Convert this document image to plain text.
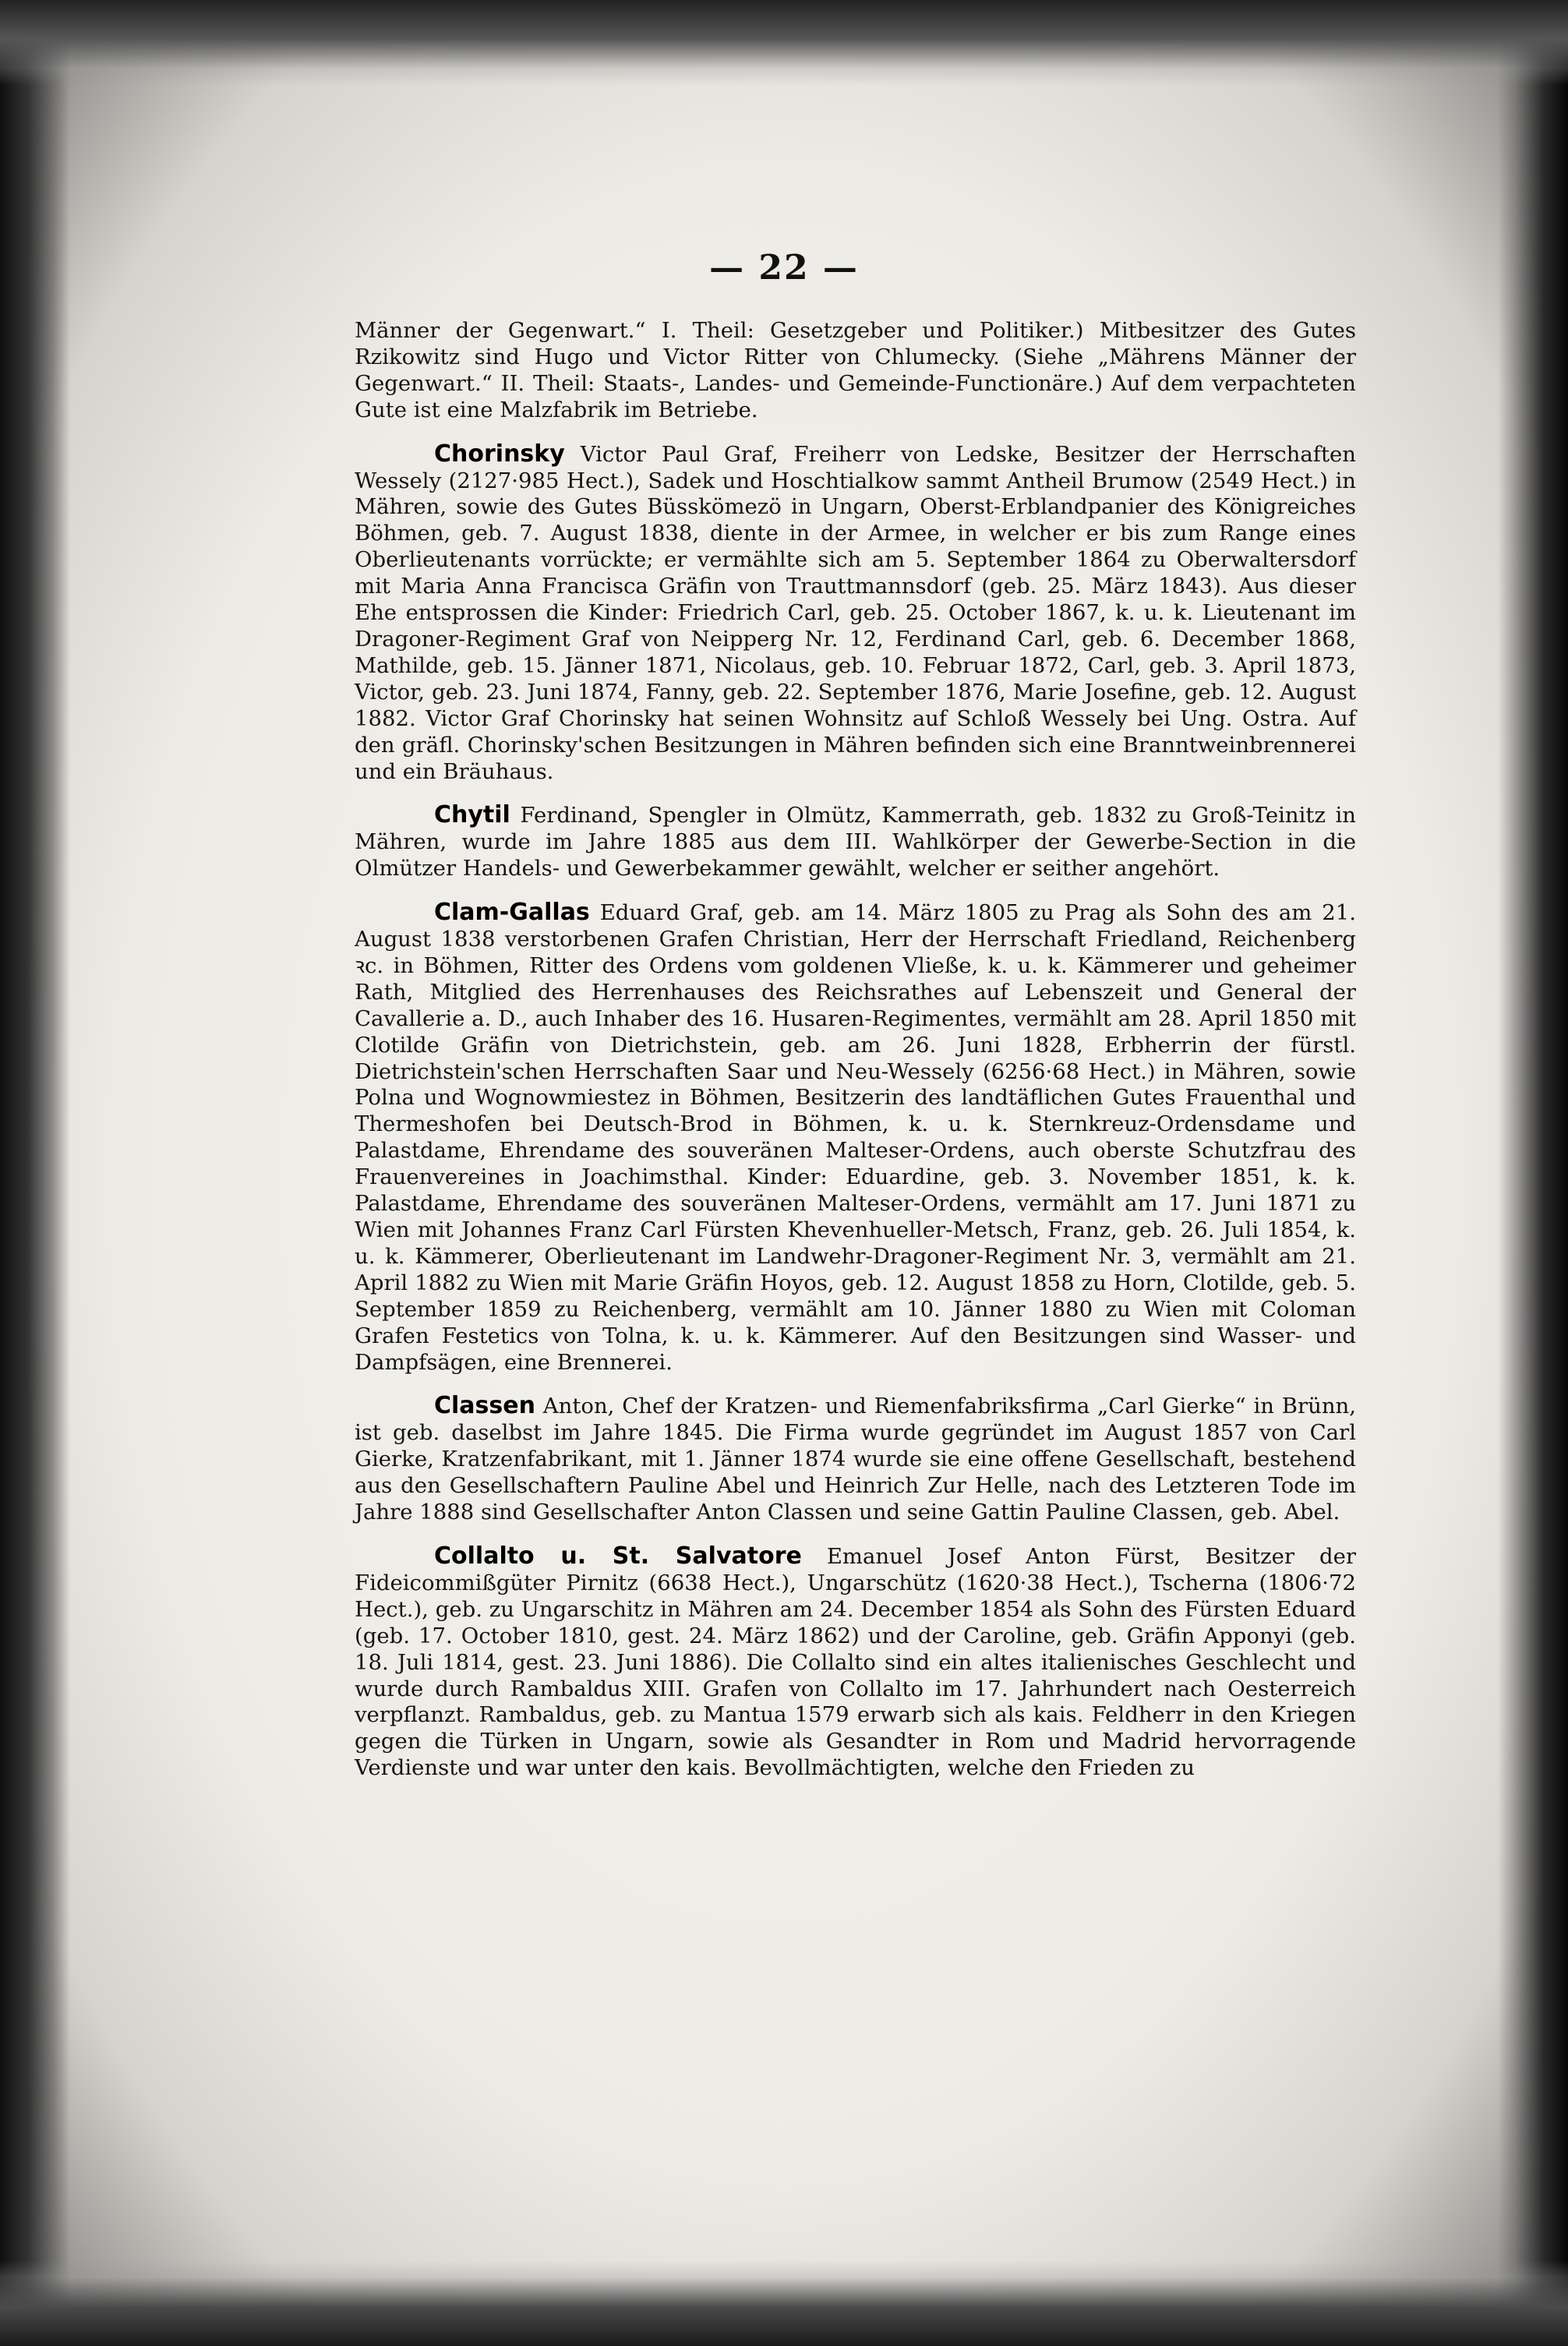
— 22 —

Männer der Gegenwart.“ I. Theil: Gesetzgeber und Politiker.) Mitbesitzer des Gutes Rzikowitz sind Hugo und Victor Ritter von Chlumecky. (Siehe „Mährens Männer der Gegenwart.“ II. Theil: Staats-, Landes- und Gemeinde-Functionäre.) Auf dem verpachteten Gute ist eine Malzfabrik im Betriebe.

Chorinsky Victor Paul Graf, Freiherr von Ledske, Besitzer der Herrschaften Wessely (2127·985 Hect.), Sadek und Hoschtialkow sammt Antheil Brumow (2549 Hect.) in Mähren, sowie des Gutes Büsskömezö in Ungarn, Oberst-Erblandpanier des Königreiches Böhmen, geb. 7. August 1838, diente in der Armee, in welcher er bis zum Range eines Oberlieutenants vorrückte; er vermählte sich am 5. September 1864 zu Oberwaltersdorf mit Maria Anna Francisca Gräfin von Trauttmannsdorf (geb. 25. März 1843). Aus dieser Ehe entsprossen die Kinder: Friedrich Carl, geb. 25. October 1867, k. u. k. Lieutenant im Dragoner-Regiment Graf von Neipperg Nr. 12, Ferdinand Carl, geb. 6. December 1868, Mathilde, geb. 15. Jänner 1871, Nicolaus, geb. 10. Februar 1872, Carl, geb. 3. April 1873, Victor, geb. 23. Juni 1874, Fanny, geb. 22. September 1876, Marie Josefine, geb. 12. August 1882. Victor Graf Chorinsky hat seinen Wohnsitz auf Schloß Wessely bei Ung. Ostra. Auf den gräfl. Chorinsky'schen Besitzungen in Mähren befinden sich eine Branntweinbrennerei und ein Bräuhaus.

Chytil Ferdinand, Spengler in Olmütz, Kammerrath, geb. 1832 zu Groß-Teinitz in Mähren, wurde im Jahre 1885 aus dem III. Wahlkörper der Gewerbe-Section in die Olmützer Handels- und Gewerbekammer gewählt, welcher er seither angehört.

Clam-Gallas Eduard Graf, geb. am 14. März 1805 zu Prag als Sohn des am 21. August 1838 verstorbenen Grafen Christian, Herr der Herrschaft Friedland, Reichenberg ꝛc. in Böhmen, Ritter des Ordens vom goldenen Vließe, k. u. k. Kämmerer und geheimer Rath, Mitglied des Herrenhauses des Reichsrathes auf Lebenszeit und General der Cavallerie a. D., auch Inhaber des 16. Husaren-Regimentes, vermählt am 28. April 1850 mit Clotilde Gräfin von Dietrichstein, geb. am 26. Juni 1828, Erbherrin der fürstl. Dietrichstein'schen Herrschaften Saar und Neu-Wessely (6256·68 Hect.) in Mähren, sowie Polna und Wognowmiestez in Böhmen, Besitzerin des landtäflichen Gutes Frauenthal und Thermeshofen bei Deutsch-Brod in Böhmen, k. u. k. Sternkreuz-Ordensdame und Palastdame, Ehrendame des souveränen Malteser-Ordens, auch oberste Schutzfrau des Frauenvereines in Joachimsthal. Kinder: Eduardine, geb. 3. November 1851, k. k. Palastdame, Ehrendame des souveränen Malteser-Ordens, vermählt am 17. Juni 1871 zu Wien mit Johannes Franz Carl Fürsten Khevenhueller-Metsch, Franz, geb. 26. Juli 1854, k. u. k. Kämmerer, Oberlieutenant im Landwehr-Dragoner-Regiment Nr. 3, vermählt am 21. April 1882 zu Wien mit Marie Gräfin Hoyos, geb. 12. August 1858 zu Horn, Clotilde, geb. 5. September 1859 zu Reichenberg, vermählt am 10. Jänner 1880 zu Wien mit Coloman Grafen Festetics von Tolna, k. u. k. Kämmerer. Auf den Besitzungen sind Wasser- und Dampfsägen, eine Brennerei.

Classen Anton, Chef der Kratzen- und Riemenfabriksfirma „Carl Gierke“ in Brünn, ist geb. daselbst im Jahre 1845. Die Firma wurde gegründet im August 1857 von Carl Gierke, Kratzenfabrikant, mit 1. Jänner 1874 wurde sie eine offene Gesellschaft, bestehend aus den Gesellschaftern Pauline Abel und Heinrich Zur Helle, nach des Letzteren Tode im Jahre 1888 sind Gesellschafter Anton Classen und seine Gattin Pauline Classen, geb. Abel.

Collalto u. St. Salvatore Emanuel Josef Anton Fürst, Besitzer der Fideicommißgüter Pirnitz (6638 Hect.), Ungarschütz (1620·38 Hect.), Tscherna (1806·72 Hect.), geb. zu Ungarschitz in Mähren am 24. December 1854 als Sohn des Fürsten Eduard (geb. 17. October 1810, gest. 24. März 1862) und der Caroline, geb. Gräfin Apponyi (geb. 18. Juli 1814, gest. 23. Juni 1886). Die Collalto sind ein altes italienisches Geschlecht und wurde durch Rambaldus XIII. Grafen von Collalto im 17. Jahrhundert nach Oesterreich verpflanzt. Rambaldus, geb. zu Mantua 1579 erwarb sich als kais. Feldherr in den Kriegen gegen die Türken in Ungarn, sowie als Gesandter in Rom und Madrid hervorragende Verdienste und war unter den kais. Bevollmächtigten, welche den Frieden zu
